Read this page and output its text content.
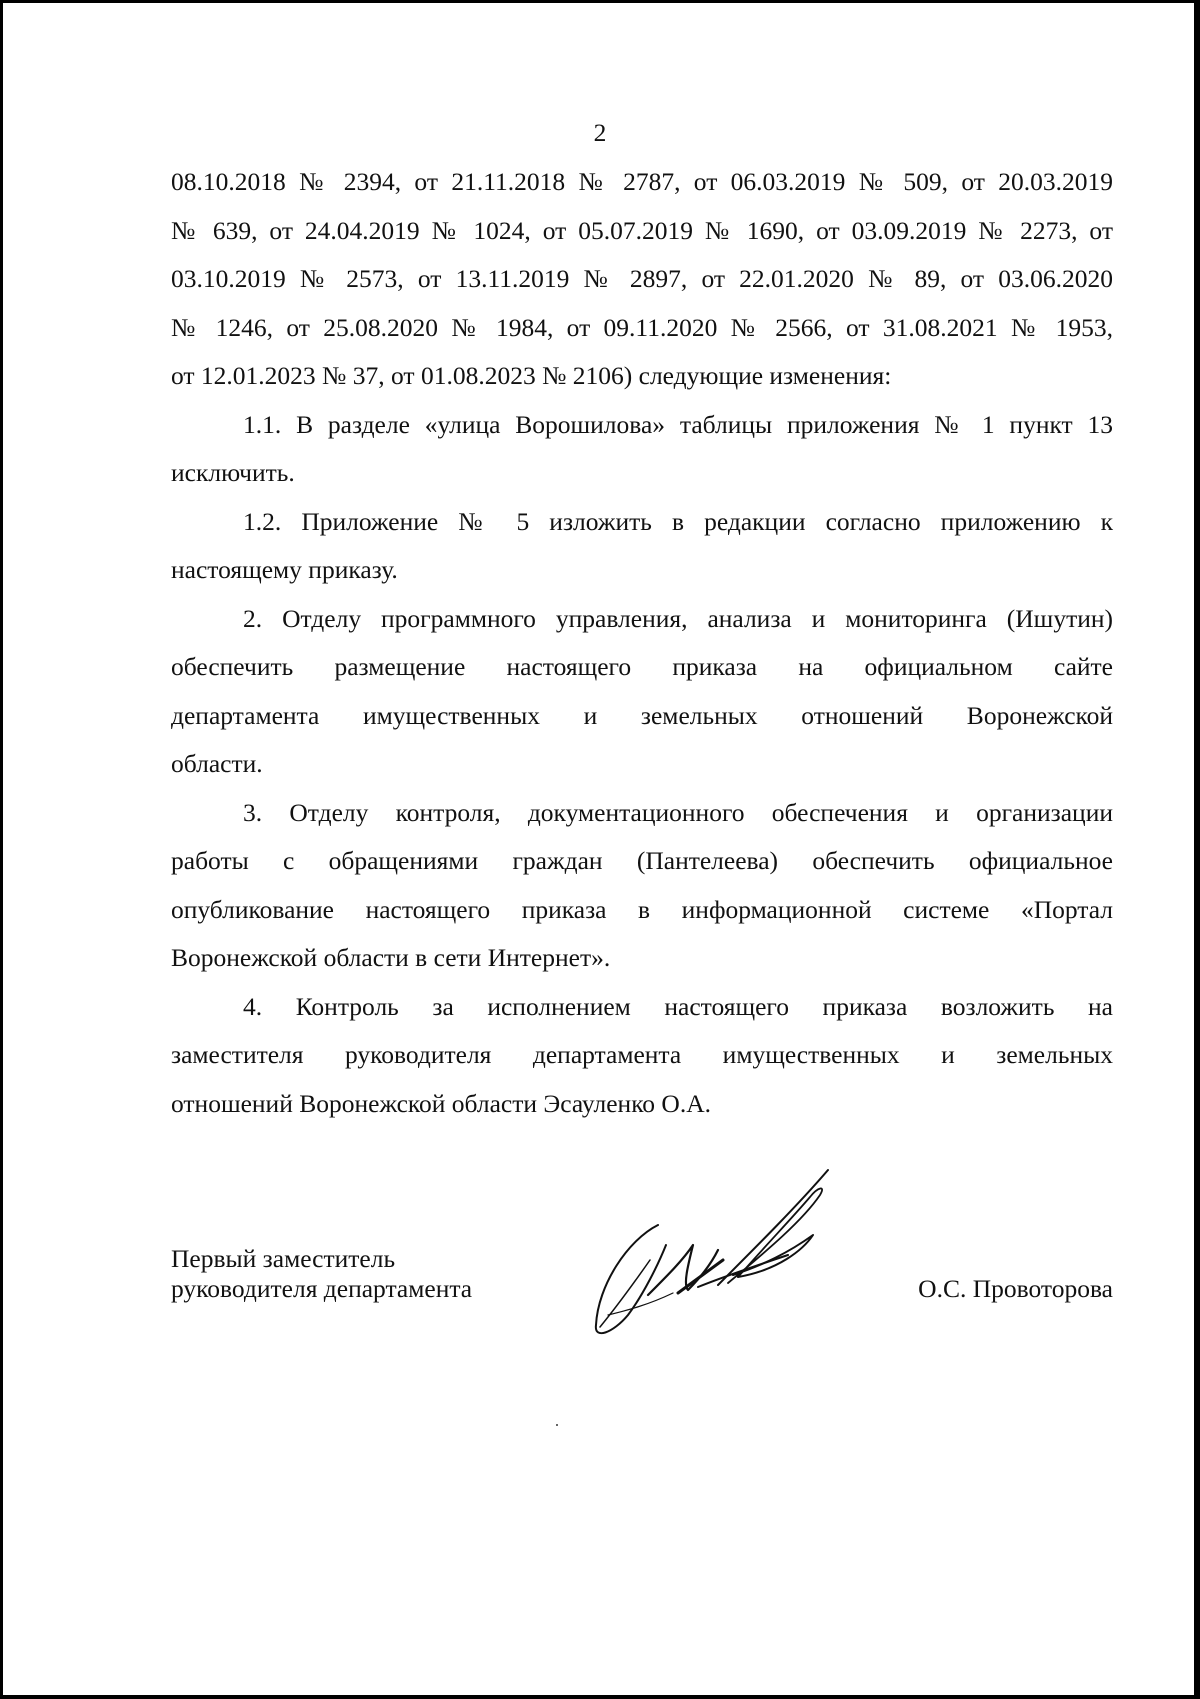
2
08.10.2018 № 2394, от 21.11.2018 № 2787, от 06.03.2019 № 509, от 20.03.2019
№ 639, от 24.04.2019 № 1024, от 05.07.2019 № 1690, от 03.09.2019 № 2273, от
03.10.2019 № 2573, от 13.11.2019 № 2897, от 22.01.2020 № 89, от 03.06.2020
№ 1246, от 25.08.2020 № 1984, от 09.11.2020 № 2566, от 31.08.2021 № 1953,
от 12.01.2023 № 37, от 01.08.2023 № 2106) следующие изменения:
1.1. В разделе «улица Ворошилова» таблицы приложения № 1 пункт 13
исключить.
1.2. Приложение № 5 изложить в редакции согласно приложению к
настоящему приказу.
2. Отделу программного управления, анализа и мониторинга (Ишутин)
обеспечить размещение настоящего приказа на официальном сайте
департамента имущественных и земельных отношений Воронежской
области.
3. Отделу контроля, документационного обеспечения и организации
работы с обращениями граждан (Пантелеева) обеспечить официальное
опубликование настоящего приказа в информационной системе «Портал
Воронежской области в сети Интернет».
4. Контроль за исполнением настоящего приказа возложить на
заместителя руководителя департамента имущественных и земельных
отношений Воронежской области Эсауленко О.А.
Первый заместитель
руководителя департамента	О.С. Провоторова
